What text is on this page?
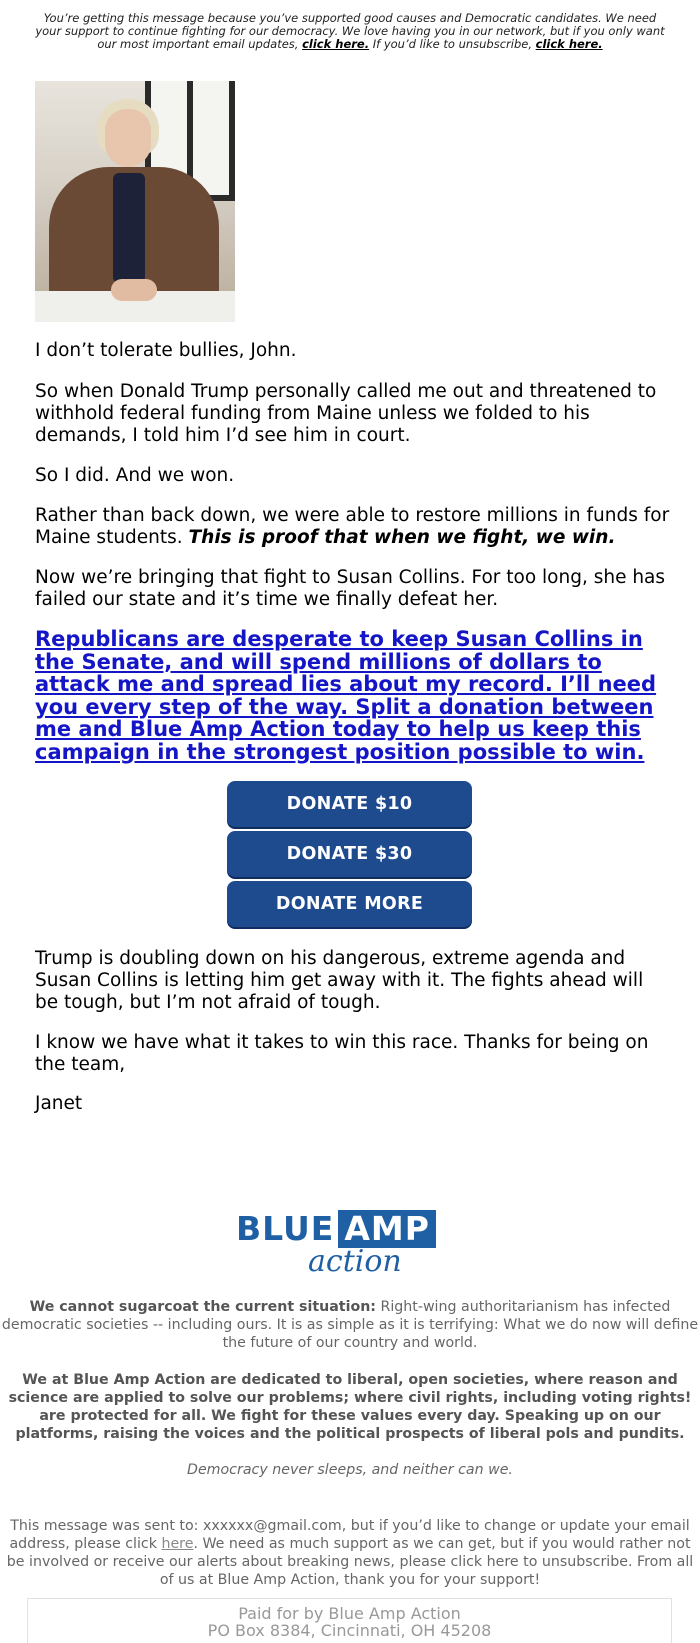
You’re getting this message because you’ve supported good causes and Democratic candidates. We need your support to continue fighting for our democracy. We love having you in our network, but if you only want our most important email updates, click here. If you’d like to unsubscribe, click here.

I don’t tolerate bullies, John.

So when Donald Trump personally called me out and threatened to withhold federal funding from Maine unless we folded to his demands, I told him I’d see him in court.

So I did. And we won.

Rather than back down, we were able to restore millions in funds for Maine students. This is proof that when we fight, we win.

Now we’re bringing that fight to Susan Collins. For too long, she has failed our state and it’s time we finally defeat her.

Republicans are desperate to keep Susan Collins in the Senate, and will spend millions of dollars to attack me and spread lies about my record. I’ll need you every step of the way. Split a donation between me and Blue Amp Action today to help us keep this campaign in the strongest position possible to win.
DONATE $10
DONATE $30
DONATE MORE

Trump is doubling down on his dangerous, extreme agenda and Susan Collins is letting him get away with it. The fights ahead will be tough, but I’m not afraid of tough.

I know we have what it takes to win this race. Thanks for being on the team,

Janet

BLUE AMP
action

We cannot sugarcoat the current situation: Right-wing authoritarianism has infected democratic societies -- including ours. It is as simple as it is terrifying: What we do now will define the future of our country and world.

We at Blue Amp Action are dedicated to liberal, open societies, where reason and science are applied to solve our problems; where civil rights, including voting rights! are protected for all. We fight for these values every day. Speaking up on our platforms, raising the voices and the political prospects of liberal pols and pundits.

Democracy never sleeps, and neither can we.

This message was sent to: xxxxxx@gmail.com, but if you’d like to change or update your email address, please click here. We need as much support as we can get, but if you would rather not be involved or receive our alerts about breaking news, please click here to unsubscribe. From all of us at Blue Amp Action, thank you for your support!

Paid for by Blue Amp Action
PO Box 8384, Cincinnati, OH 45208
